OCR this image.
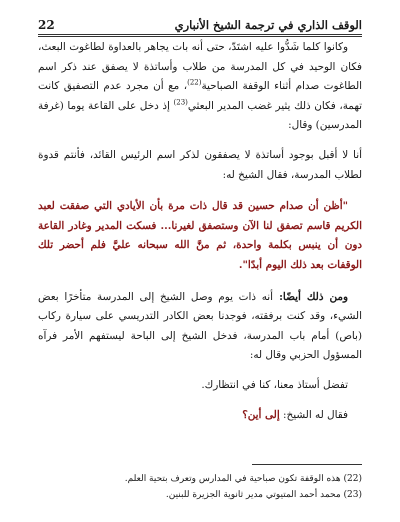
الوقف الذاري في ترجمة الشيخ الأنباري
22

وكانوا كلما شَدُّوا عليه اشتَدّ، حتى أنه بات يجاهر بالعداوة لطاغوت البعث، فكان الوحيد في كل المدرسة من طلاب وأساتذة لا يصفق عند ذكر اسم الطاغوت صدام أثناء الوقفة الصباحية$^{(22)}$، مع أن مجرد عدم التصفيق كانت تهمة، فكان ذلك يثير غضب المدير البعثي$^{(23)}$ إذ دخل على القاعة يوما (غرفة المدرسين) وقال:

أنا لا أقبل بوجود أساتذة لا يصفقون لذكر اسم الرئيس القائد، فأنتم قدوة لطلاب المدرسة، فقال الشيخ له:

"أظن أن صدام حسين قد قال ذات مرة بأن الأيادي التي صفقت لعبد الكريم قاسم تصفق لنا الآن وستصفق لغيرنا... فسكت المدير وغادر القاعة دون أن ينبس بكلمة واحدة، ثم منَّ الله سبحانه عليَّ فلم أحضر تلك الوقفات بعد ذلك اليوم أبدًا".

ومن ذلك أيضًا: أنه ذات يوم وصل الشيخ إلى المدرسة متأخرًا بعض الشيء، وقد كنت برفقته، فوجدنا بعض الكادر التدريسي على سيارة ركاب (باص) أمام باب المدرسة، فدخل الشيخ إلى الباحة ليستفهم الأمر فرآه المسؤول الحزبي وقال له:

تفضل أستاذ معنا، كنا في انتظارك.

فقال له الشيخ: إلى أين؟

(22) هذه الوقفة تكون صباحية في المدارس وتعرف بتحية العلم.

(23) محمد أحمد المتيوتي مدير ثانوية الجزيرة للبنين.
